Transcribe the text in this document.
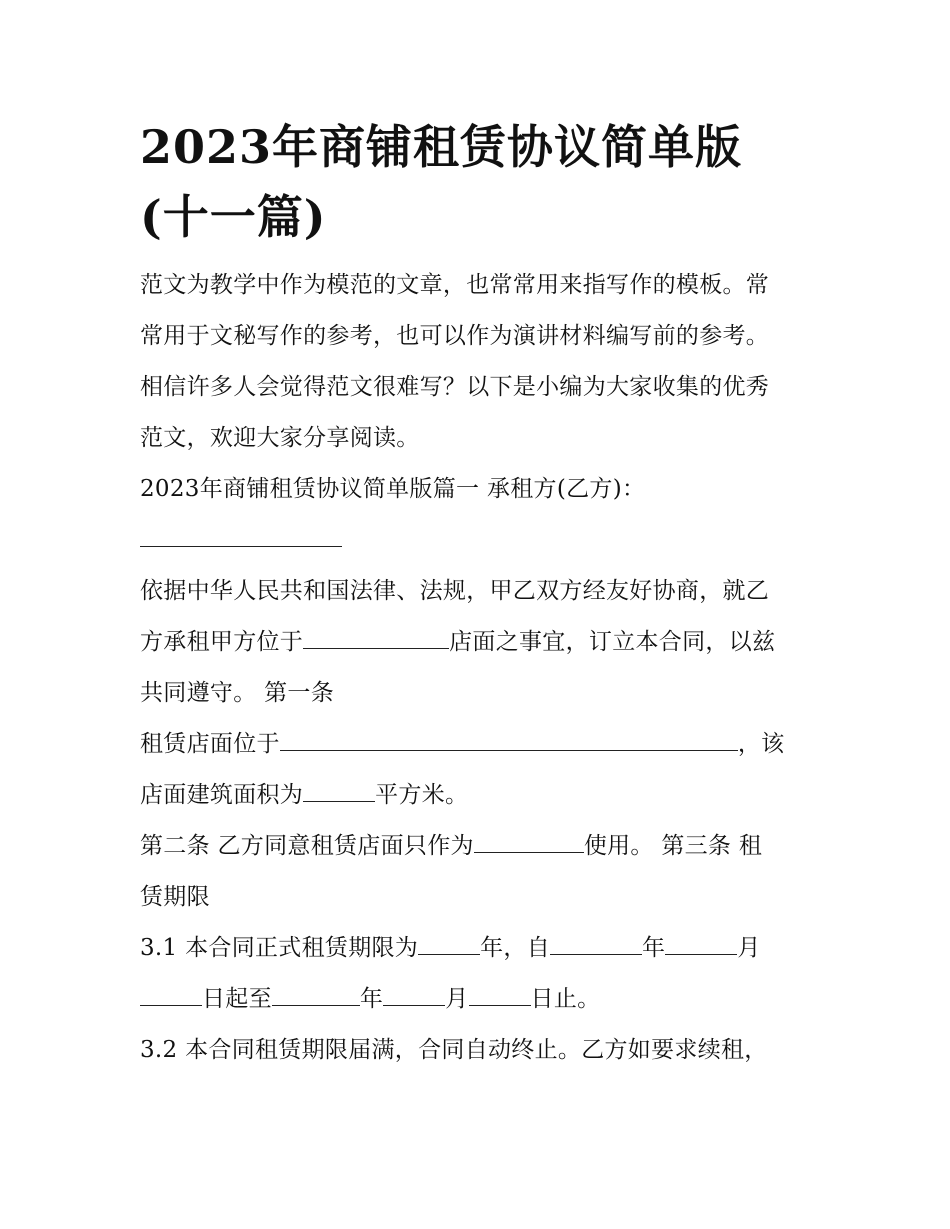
2023年商铺租赁协议简单版
(十一篇)

范文为教学中作为模范的文章，也常常用来指写作的模板。常
常用于文秘写作的参考，也可以作为演讲材料编写前的参考。
相信许多人会觉得范文很难写？以下是小编为大家收集的优秀
范文，欢迎大家分享阅读。

2023年商铺租赁协议简单版篇一 承租方(乙方)：

依据中华人民共和国法律、法规，甲乙双方经友好协商，就乙
方承租甲方位于	店面之事宜，订立本合同，以兹
共同遵守。 第一条

租赁店面位于	，该
店面建筑面积为	平方米。

第二条 乙方同意租赁店面只作为	使用。 第三条 租
赁期限

3.1 本合同正式租赁期限为	年，自	年	月
日起至	年	月	日止。

3.2 本合同租赁期限届满，合同自动终止。乙方如要求续租，
